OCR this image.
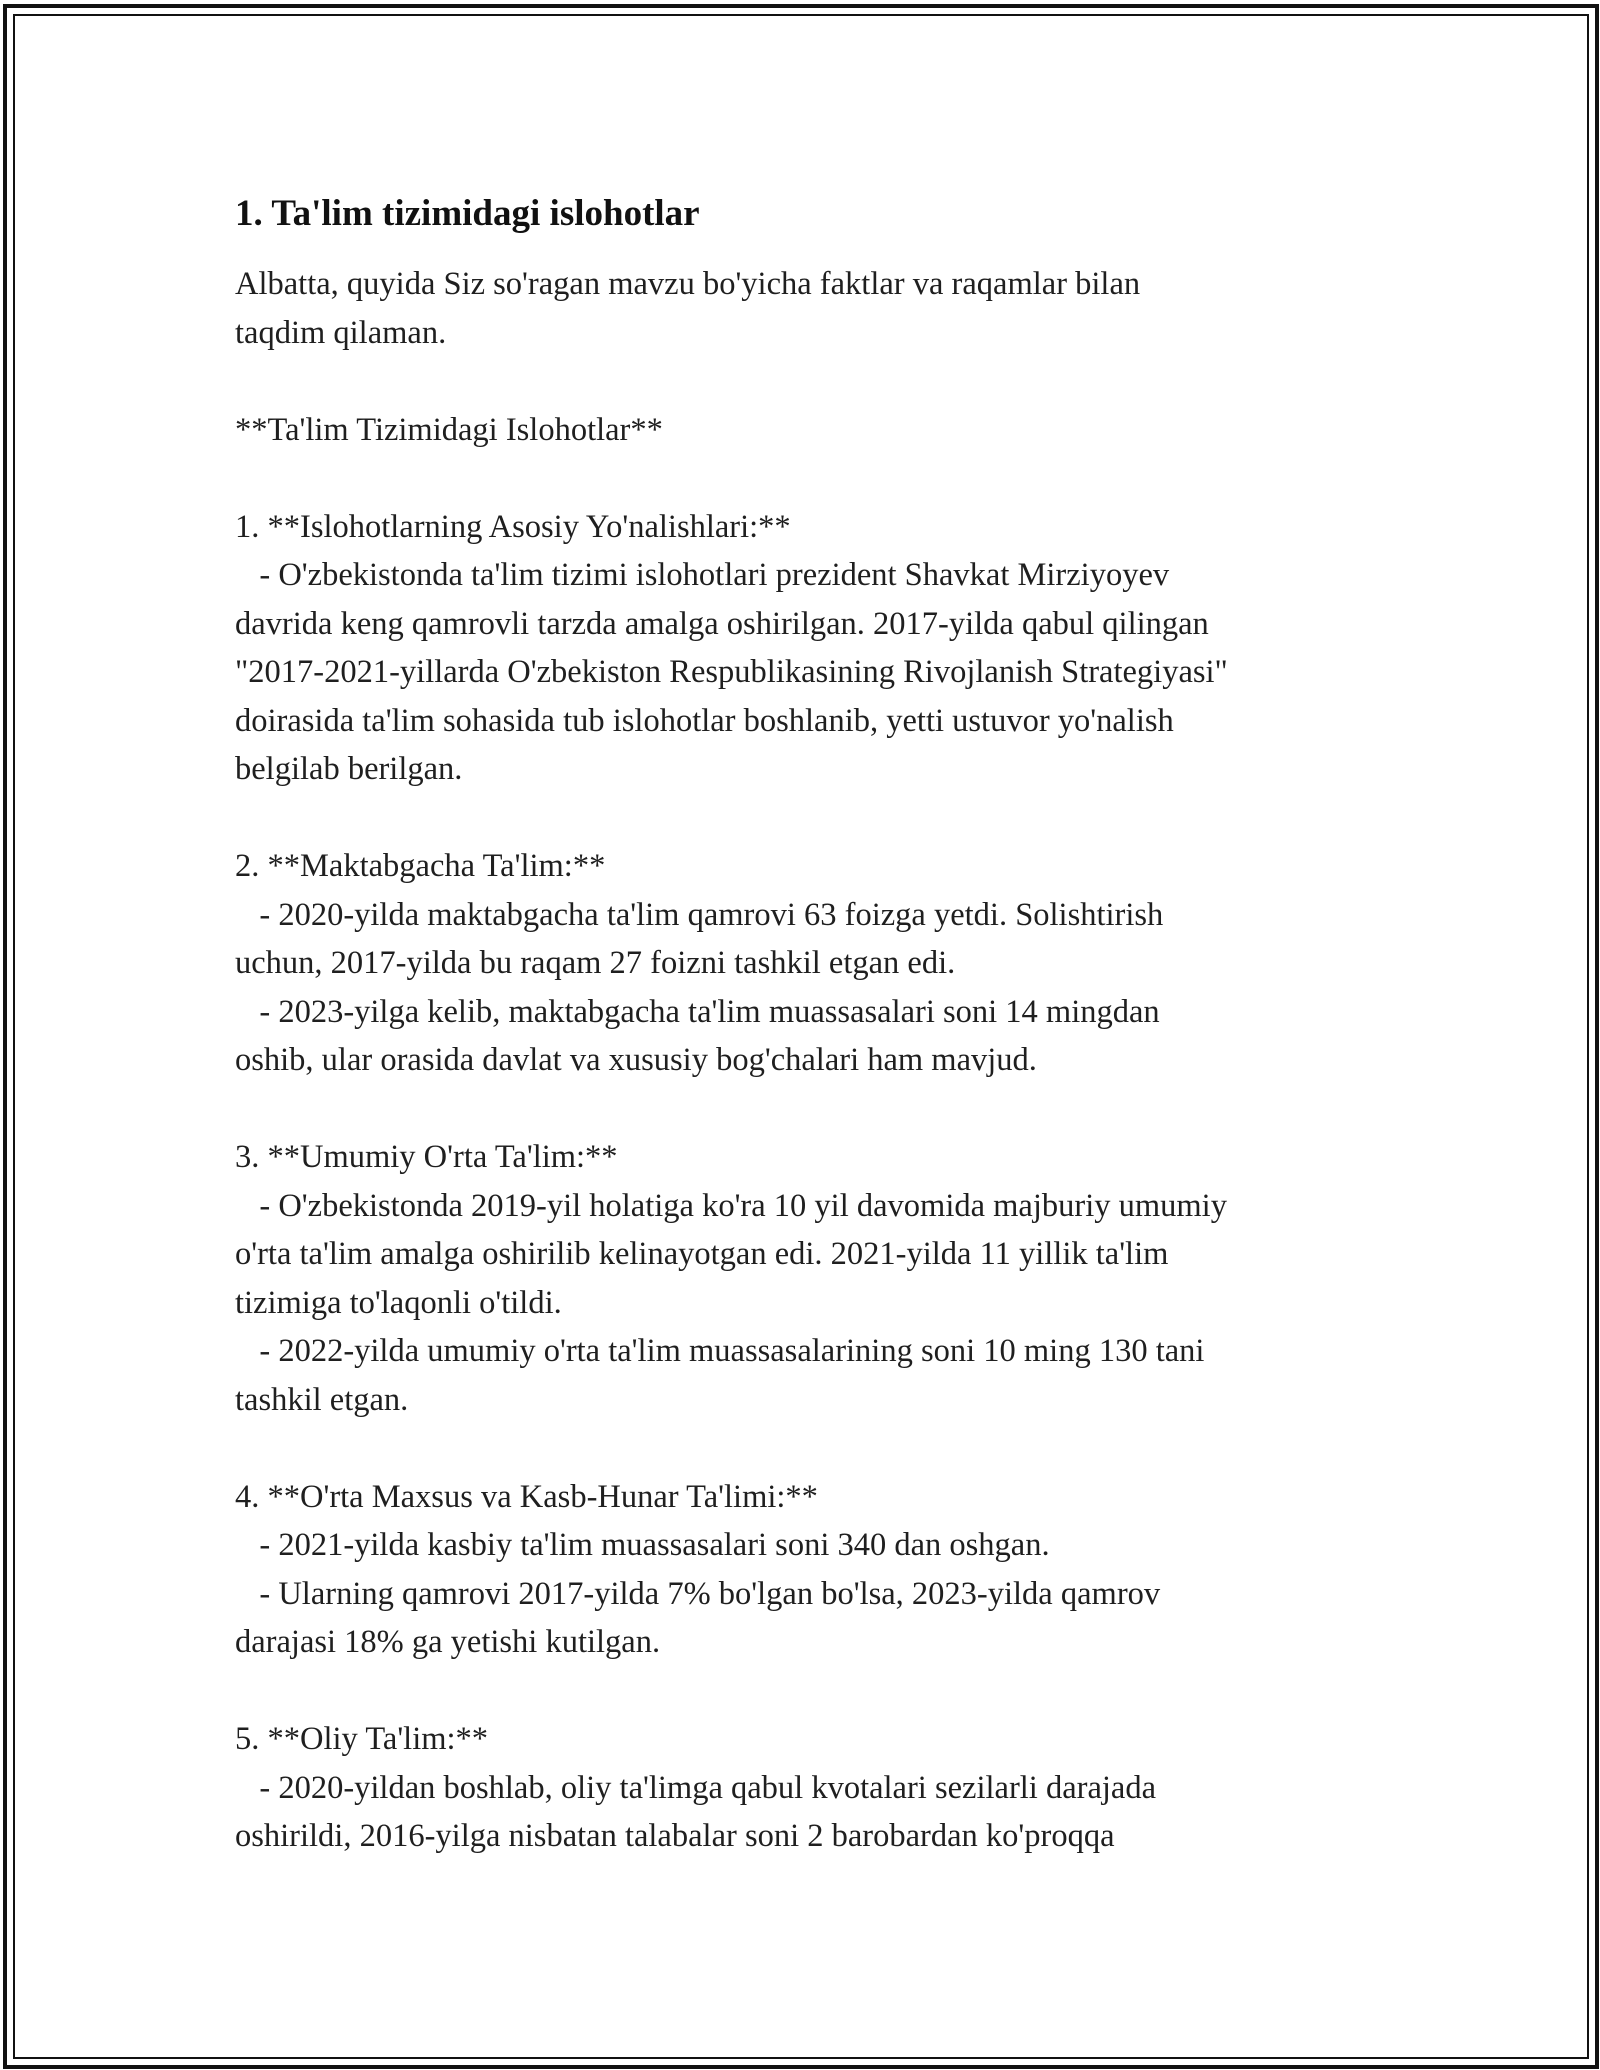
1. Ta'lim tizimidagi islohotlar

Albatta, quyida Siz so'ragan mavzu bo'yicha faktlar va raqamlar bilan
taqdim qilaman.

**Ta'lim Tizimidagi Islohotlar**

1. **Islohotlarning Asosiy Yo'nalishlari:**
- O'zbekistonda ta'lim tizimi islohotlari prezident Shavkat Mirziyoyev
davrida keng qamrovli tarzda amalga oshirilgan. 2017-yilda qabul qilingan
"2017-2021-yillarda O'zbekiston Respublikasining Rivojlanish Strategiyasi"
doirasida ta'lim sohasida tub islohotlar boshlanib, yetti ustuvor yo'nalish
belgilab berilgan.

2. **Maktabgacha Ta'lim:**
- 2020-yilda maktabgacha ta'lim qamrovi 63 foizga yetdi. Solishtirish
uchun, 2017-yilda bu raqam 27 foizni tashkil etgan edi.
- 2023-yilga kelib, maktabgacha ta'lim muassasalari soni 14 mingdan
oshib, ular orasida davlat va xususiy bog'chalari ham mavjud.

3. **Umumiy O'rta Ta'lim:**
- O'zbekistonda 2019-yil holatiga ko'ra 10 yil davomida majburiy umumiy
o'rta ta'lim amalga oshirilib kelinayotgan edi. 2021-yilda 11 yillik ta'lim
tizimiga to'laqonli o'tildi.
- 2022-yilda umumiy o'rta ta'lim muassasalarining soni 10 ming 130 tani
tashkil etgan.

4. **O'rta Maxsus va Kasb-Hunar Ta'limi:**
- 2021-yilda kasbiy ta'lim muassasalari soni 340 dan oshgan.
- Ularning qamrovi 2017-yilda 7% bo'lgan bo'lsa, 2023-yilda qamrov
darajasi 18% ga yetishi kutilgan.

5. **Oliy Ta'lim:**
- 2020-yildan boshlab, oliy ta'limga qabul kvotalari sezilarli darajada
oshirildi, 2016-yilga nisbatan talabalar soni 2 barobardan ko'proqqa
